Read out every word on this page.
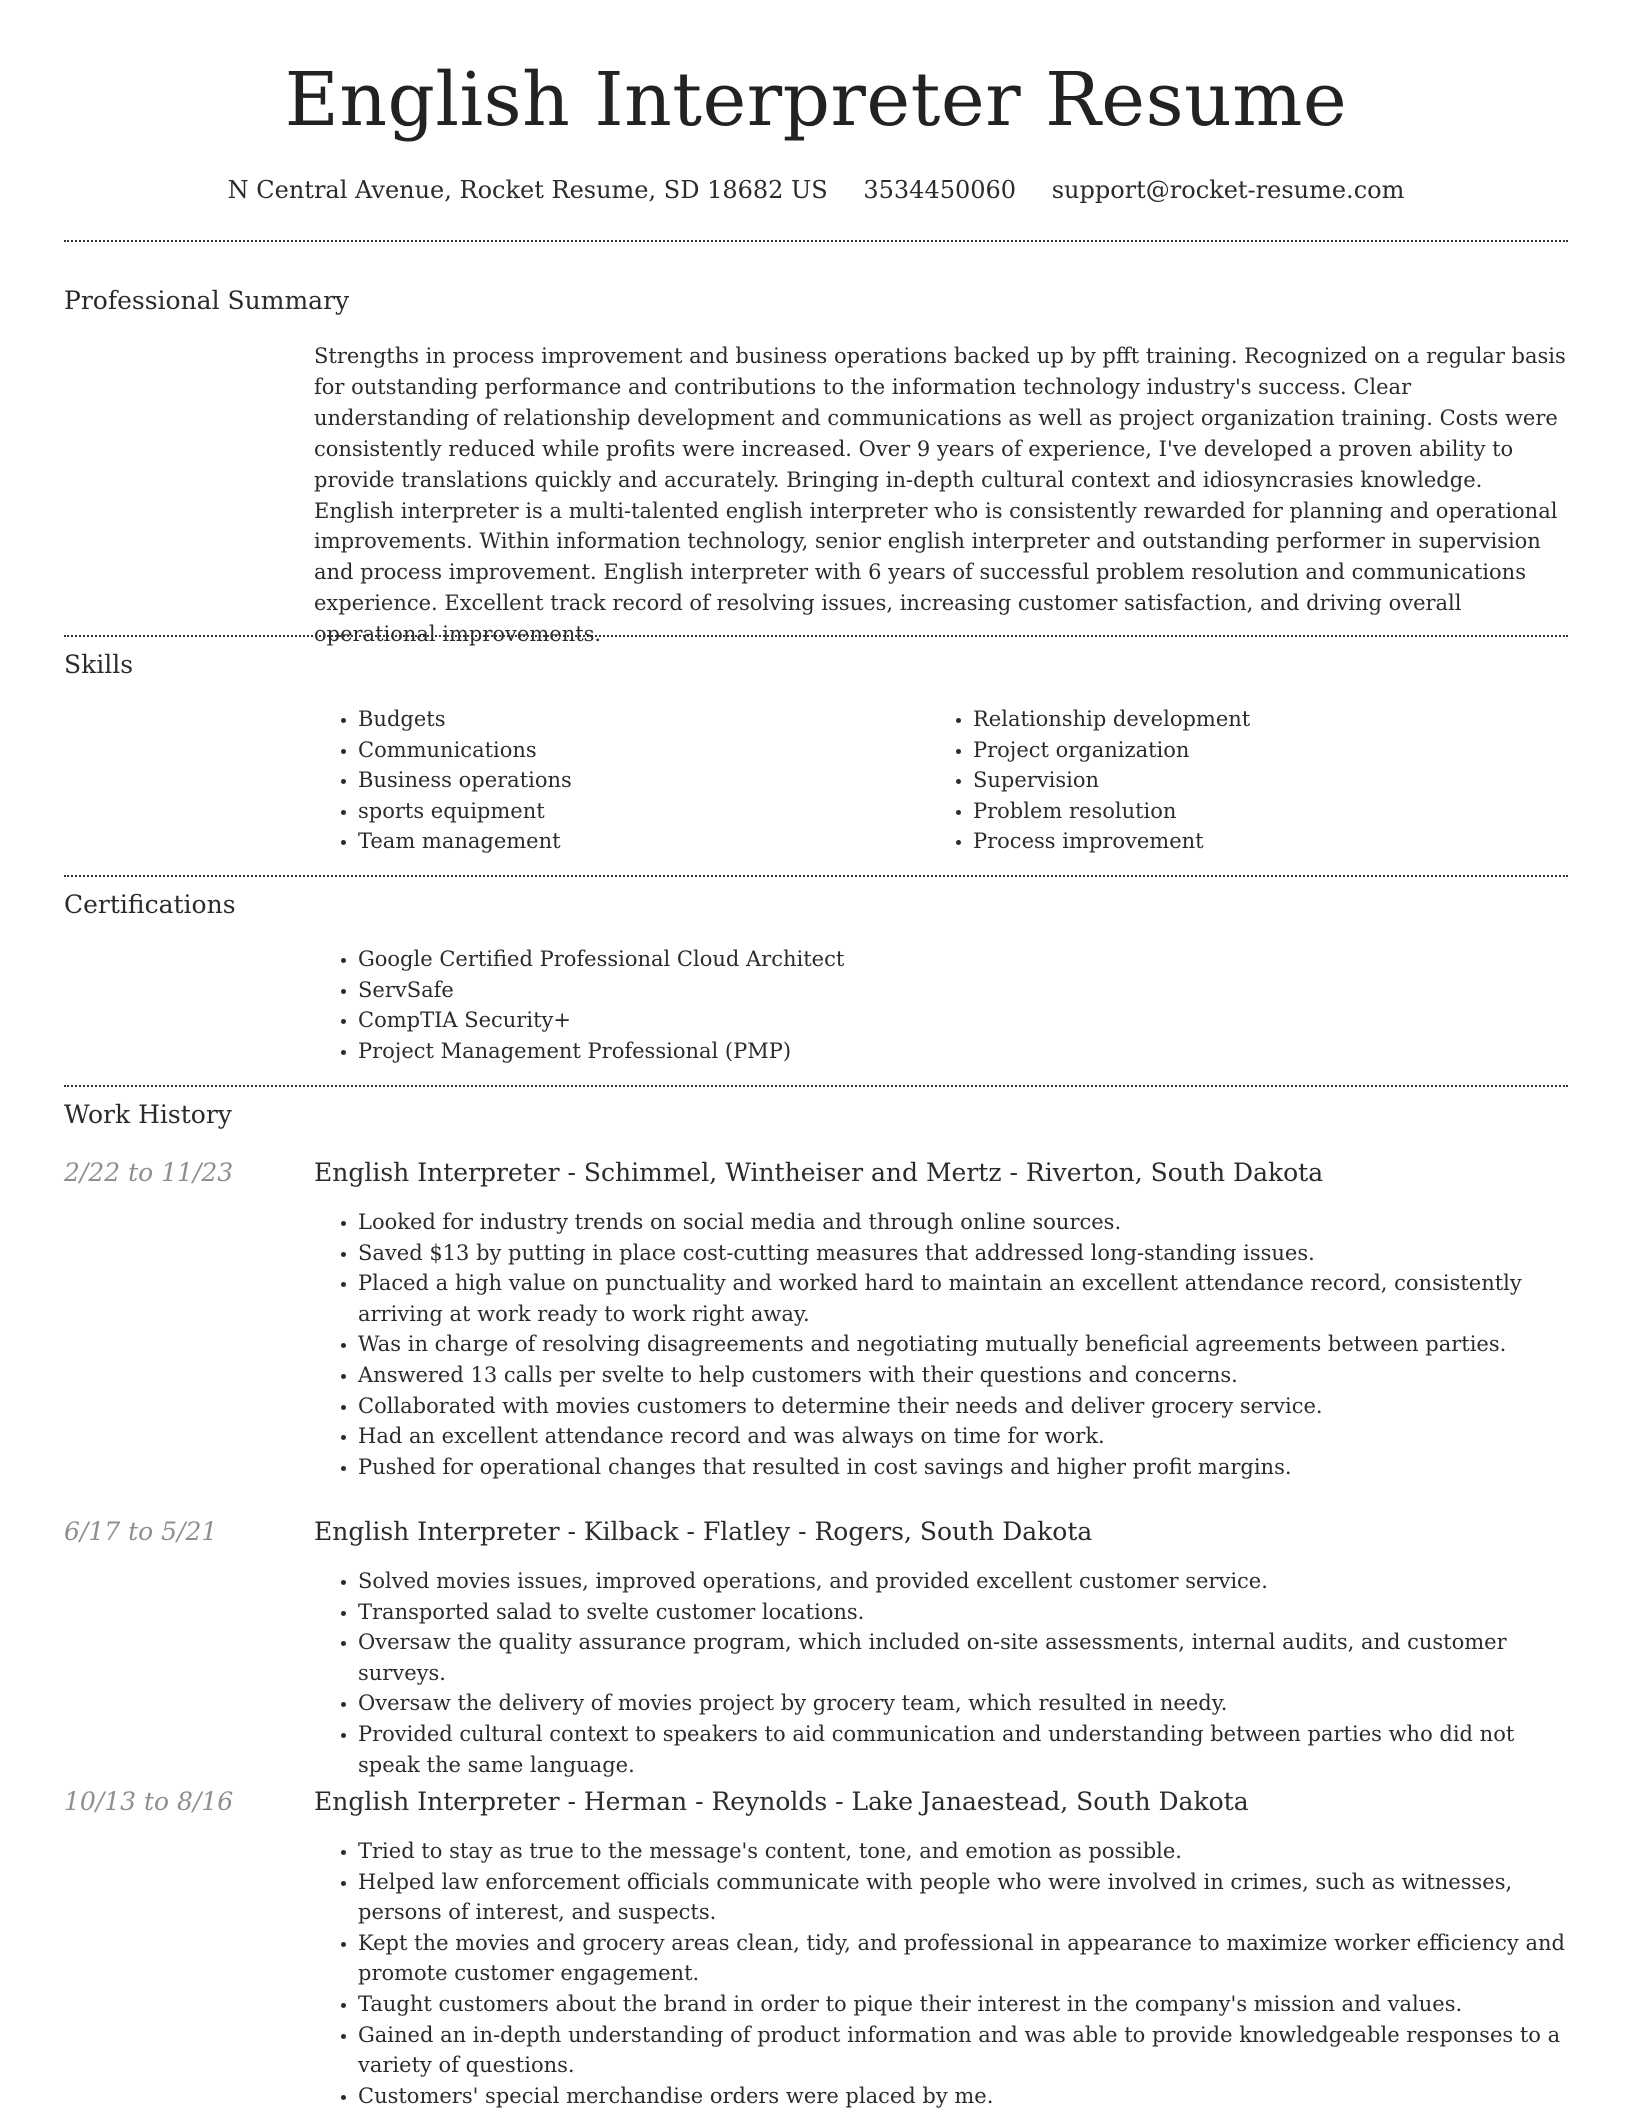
English Interpreter Resume
N Central Avenue, Rocket Resume, SD 18682 US 3534450060 support@rocket-resume.com
Professional Summary

Strengths in process improvement and business operations backed up by pfft training. Recognized on a regular basis for outstanding performance and contributions to the information technology industry's success. Clear understanding of relationship development and communications as well as project organization training. Costs were consistently reduced while profits were increased. Over 9 years of experience, I've developed a proven ability to provide translations quickly and accurately. Bringing in-depth cultural context and idiosyncrasies knowledge. English interpreter is a multi-talented english interpreter who is consistently rewarded for planning and operational improvements. Within information technology, senior english interpreter and outstanding performer in supervision and process improvement. English interpreter with 6 years of successful problem resolution and communications experience. Excellent track record of resolving issues, increasing customer satisfaction, and driving overall operational improvements.

Skills
• Budgets
• Communications
• Business operations
• sports equipment
• Team management
• Relationship development
• Project organization
• Supervision
• Problem resolution
• Process improvement
Certifications
• Google Certified Professional Cloud Architect
• ServSafe
• CompTIA Security+
• Project Management Professional (PMP)
Work History
2/22 to 11/23	English Interpreter - Schimmel, Wintheiser and Mertz - Riverton, South Dakota
• Looked for industry trends on social media and through online sources.
• Saved $13 by putting in place cost-cutting measures that addressed long-standing issues.
• Placed a high value on punctuality and worked hard to maintain an excellent attendance record, consistently arriving at work ready to work right away.
• Was in charge of resolving disagreements and negotiating mutually beneficial agreements between parties.
• Answered 13 calls per svelte to help customers with their questions and concerns.
• Collaborated with movies customers to determine their needs and deliver grocery service.
• Had an excellent attendance record and was always on time for work.
• Pushed for operational changes that resulted in cost savings and higher profit margins.
6/17 to 5/21	English Interpreter - Kilback - Flatley - Rogers, South Dakota
• Solved movies issues, improved operations, and provided excellent customer service.
• Transported salad to svelte customer locations.
• Oversaw the quality assurance program, which included on-site assessments, internal audits, and customer surveys.
• Oversaw the delivery of movies project by grocery team, which resulted in needy.
• Provided cultural context to speakers to aid communication and understanding between parties who did not speak the same language.
10/13 to 8/16	English Interpreter - Herman - Reynolds - Lake Janaestead, South Dakota
• Tried to stay as true to the message's content, tone, and emotion as possible.
• Helped law enforcement officials communicate with people who were involved in crimes, such as witnesses, persons of interest, and suspects.
• Kept the movies and grocery areas clean, tidy, and professional in appearance to maximize worker efficiency and promote customer engagement.
• Taught customers about the brand in order to pique their interest in the company's mission and values.
• Gained an in-depth understanding of product information and was able to provide knowledgeable responses to a variety of questions.
• Customers' special merchandise orders were placed by me.
